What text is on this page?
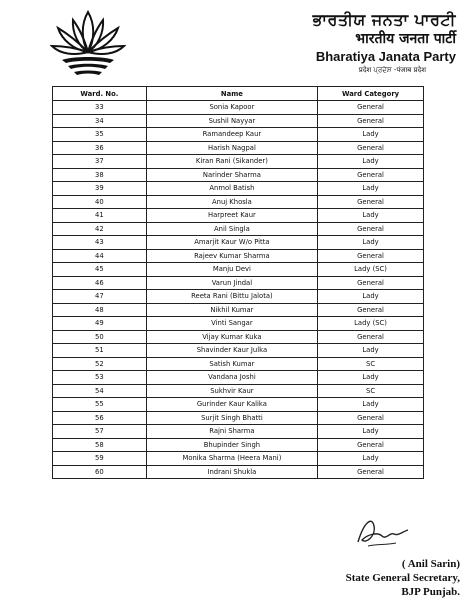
ਭਾਰਤੀਯ ਜਨਤਾ ਪਾਰਟੀ
भारतीय जनता पार्टी
Bharatiya Janata Party
प्रदेश ਪ੍ਰਦੇਸ਼ -पंजाब प्रदेश
Ward. No.	Name	Ward Category
33	Sonia Kapoor	General
34	Sushil Nayyar	General
35	Ramandeep Kaur	Lady
36	Harish Nagpal	General
37	Kiran Rani (Sikander)	Lady
38	Narinder Sharma	General
39	Anmol Batish	Lady
40	Anuj Khosla	General
41	Harpreet Kaur	Lady
42	Anil Singla	General
43	Amarjit Kaur W/o Pitta	Lady
44	Rajeev Kumar Sharma	General
45	Manju Devi	Lady (SC)
46	Varun Jindal	General
47	Reeta Rani (Bittu Jalota)	Lady
48	Nikhil Kumar	General
49	Vinti Sangar	Lady (SC)
50	Vijay Kumar Kuka	General
51	Shavinder Kaur Julka	Lady
52	Satish Kumar	SC
53	Vandana Joshi	Lady
54	Sukhvir Kaur	SC
55	Gurinder Kaur Kalika	Lady
56	Surjit Singh Bhatti	General
57	Rajni Sharma	Lady
58	Bhupinder Singh	General
59	Monika Sharma (Heera Mani)	Lady
60	Indrani Shukla	General
( Anil Sarin)
State General Secretary,
BJP Punjab.
